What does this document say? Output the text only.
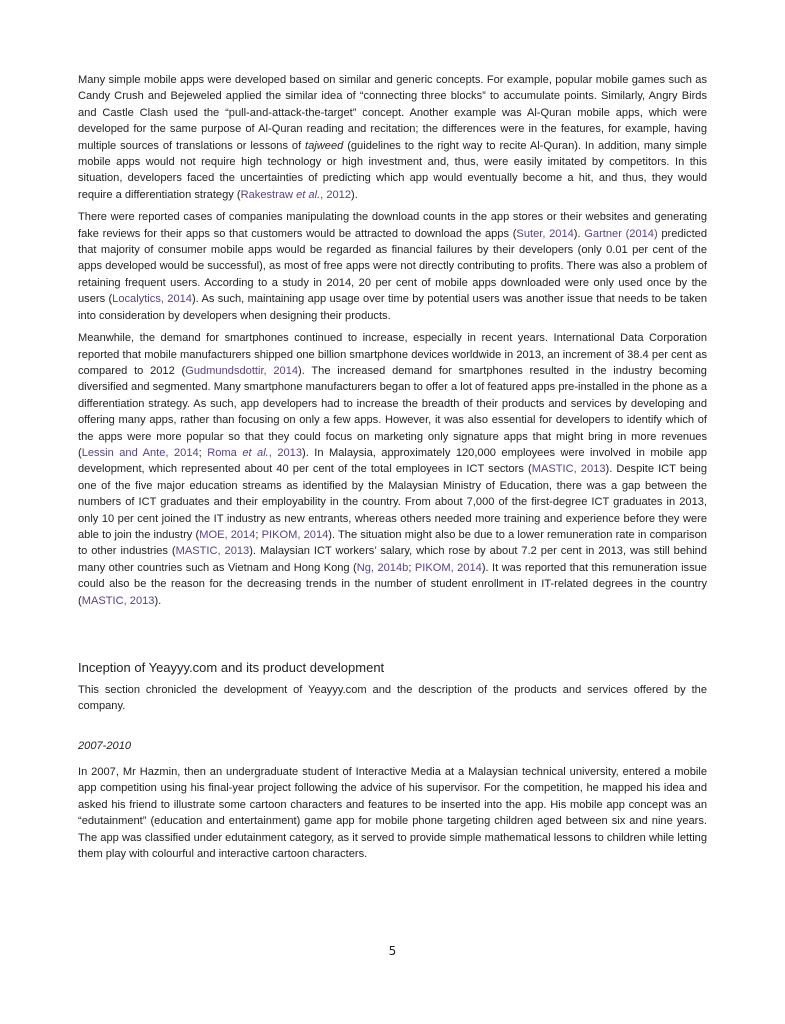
Many simple mobile apps were developed based on similar and generic concepts. For example, popular mobile games such as Candy Crush and Bejeweled applied the similar idea of “connecting three blocks” to accumulate points. Similarly, Angry Birds and Castle Clash used the “pull-and-attack-the-target” concept. Another example was Al-Quran mobile apps, which were developed for the same purpose of Al-Quran reading and recitation; the differences were in the features, for example, having multiple sources of translations or lessons of tajweed (guidelines to the right way to recite Al-Quran). In addition, many simple mobile apps would not require high technology or high investment and, thus, were easily imitated by competitors. In this situation, developers faced the uncertainties of predicting which app would eventually become a hit, and thus, they would require a differentiation strategy (Rakestraw et al., 2012).

There were reported cases of companies manipulating the download counts in the app stores or their websites and generating fake reviews for their apps so that customers would be attracted to download the apps (Suter, 2014). Gartner (2014) predicted that majority of consumer mobile apps would be regarded as financial failures by their developers (only 0.01 per cent of the apps developed would be successful), as most of free apps were not directly contributing to profits. There was also a problem of retaining frequent users. According to a study in 2014, 20 per cent of mobile apps downloaded were only used once by the users (Localytics, 2014). As such, maintaining app usage over time by potential users was another issue that needs to be taken into consideration by developers when designing their products.

Meanwhile, the demand for smartphones continued to increase, especially in recent years. International Data Corporation reported that mobile manufacturers shipped one billion smartphone devices worldwide in 2013, an increment of 38.4 per cent as compared to 2012 (Gudmundsdottir, 2014). The increased demand for smartphones resulted in the industry becoming diversified and segmented. Many smartphone manufacturers began to offer a lot of featured apps pre-installed in the phone as a differentiation strategy. As such, app developers had to increase the breadth of their products and services by developing and offering many apps, rather than focusing on only a few apps. However, it was also essential for developers to identify which of the apps were more popular so that they could focus on marketing only signature apps that might bring in more revenues (Lessin and Ante, 2014; Roma et al., 2013). In Malaysia, approximately 120,000 employees were involved in mobile app development, which represented about 40 per cent of the total employees in ICT sectors (MASTIC, 2013). Despite ICT being one of the five major education streams as identified by the Malaysian Ministry of Education, there was a gap between the numbers of ICT graduates and their employability in the country. From about 7,000 of the first-degree ICT graduates in 2013, only 10 per cent joined the IT industry as new entrants, whereas others needed more training and experience before they were able to join the industry (MOE, 2014; PIKOM, 2014). The situation might also be due to a lower remuneration rate in comparison to other industries (MASTIC, 2013). Malaysian ICT workers’ salary, which rose by about 7.2 per cent in 2013, was still behind many other countries such as Vietnam and Hong Kong (Ng, 2014b; PIKOM, 2014). It was reported that this remuneration issue could also be the reason for the decreasing trends in the number of student enrollment in IT-related degrees in the country (MASTIC, 2013).

Inception of Yeayyy.com and its product development

This section chronicled the development of Yeayyy.com and the description of the products and services offered by the company.

2007-2010

In 2007, Mr Hazmin, then an undergraduate student of Interactive Media at a Malaysian technical university, entered a mobile app competition using his final-year project following the advice of his supervisor. For the competition, he mapped his idea and asked his friend to illustrate some cartoon characters and features to be inserted into the app. His mobile app concept was an “edutainment” (education and entertainment) game app for mobile phone targeting children aged between six and nine years. The app was classified under edutainment category, as it served to provide simple mathematical lessons to children while letting them play with colourful and interactive cartoon characters.

5
